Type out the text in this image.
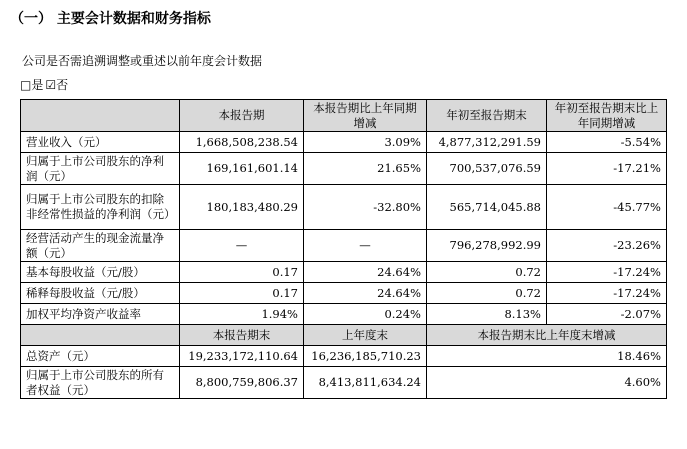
（一） 主要会计数据和财务指标
公司是否需追溯调整或重述以前年度会计数据
□是 ☑否
	本报告期	本报告期比上年同期增减	年初至报告期末	年初至报告期末比上年同期增减
营业收入（元）	1,668,508,238.54	3.09%	4,877,312,291.59	-5.54%
归属于上市公司股东的净利润（元）	169,161,601.14	21.65%	700,537,076.59	-17.21%
归属于上市公司股东的扣除非经常性损益的净利润（元）	180,183,480.29	-32.80%	565,714,045.88	-45.77%
经营活动产生的现金流量净额（元）	—	—	796,278,992.99	-23.26%
基本每股收益（元/股）	0.17	24.64%	0.72	-17.24%
稀释每股收益（元/股）	0.17	24.64%	0.72	-17.24%
加权平均净资产收益率	1.94%	0.24%	8.13%	-2.07%
	本报告期末	上年度末	本报告期末比上年度末增减	
总资产（元）	19,233,172,110.64	16,236,185,710.23	18.46%	
归属于上市公司股东的所有者权益（元）	8,800,759,806.37	8,413,811,634.24	4.60%	
